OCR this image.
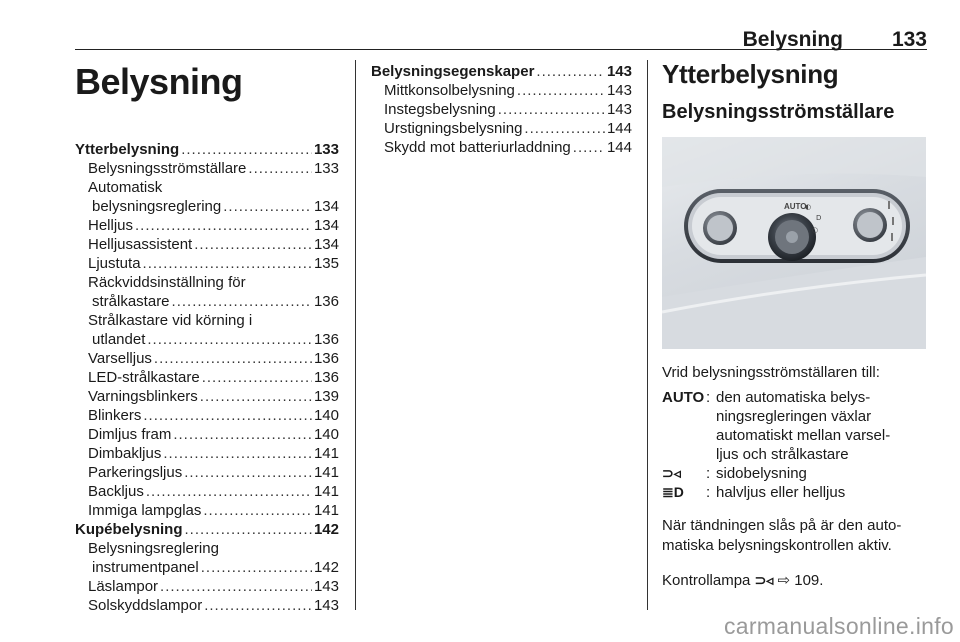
Belysning 133
Belysning
Ytterbelysning .....	133
Belysningsströmställare .....	133
Automatisk
belysningsreglering .....	134
Helljus .....	134
Helljusassistent .....	134
Ljustuta .....	135
Räckviddsinställning för
strålkastare .....	136
Strålkastare vid körning i
utlandet .....	136
Varselljus .....	136
LED-strålkastare .....	136
Varningsblinkers .....	139
Blinkers .....	140
Dimljus fram .....	140
Dimbakljus .....	141
Parkeringsljus .....	141
Backljus .....	141
Immiga lampglas .....	141
Kupébelysning .....	142
Belysningsreglering
instrumentpanel .....	142
Läslampor .....	143
Solskyddslampor .....	143
Belysningsegenskaper .....	143
Mittkonsolbelysning .....	143
Instegsbelysning .....	143
Urstigningsbelysning .....	144
Skydd mot batteriurladdning ..... 144
Ytterbelysning
Belysningsströmställare
AUTO
◐
D
○
Vrid belysningsströmställaren till:
AUTO : den automatiska belys-
ningsregleringen växlar
automatiskt mellan varsel-
ljus och strålkastare
⊃◃	: sidobelysning
≣D	: halvljus eller helljus
När tändningen slås på är den auto-
matiska belysningskontrollen aktiv.
Kontrollampa ⊃◃ ⇨ 109.
carmanualsonline.info
